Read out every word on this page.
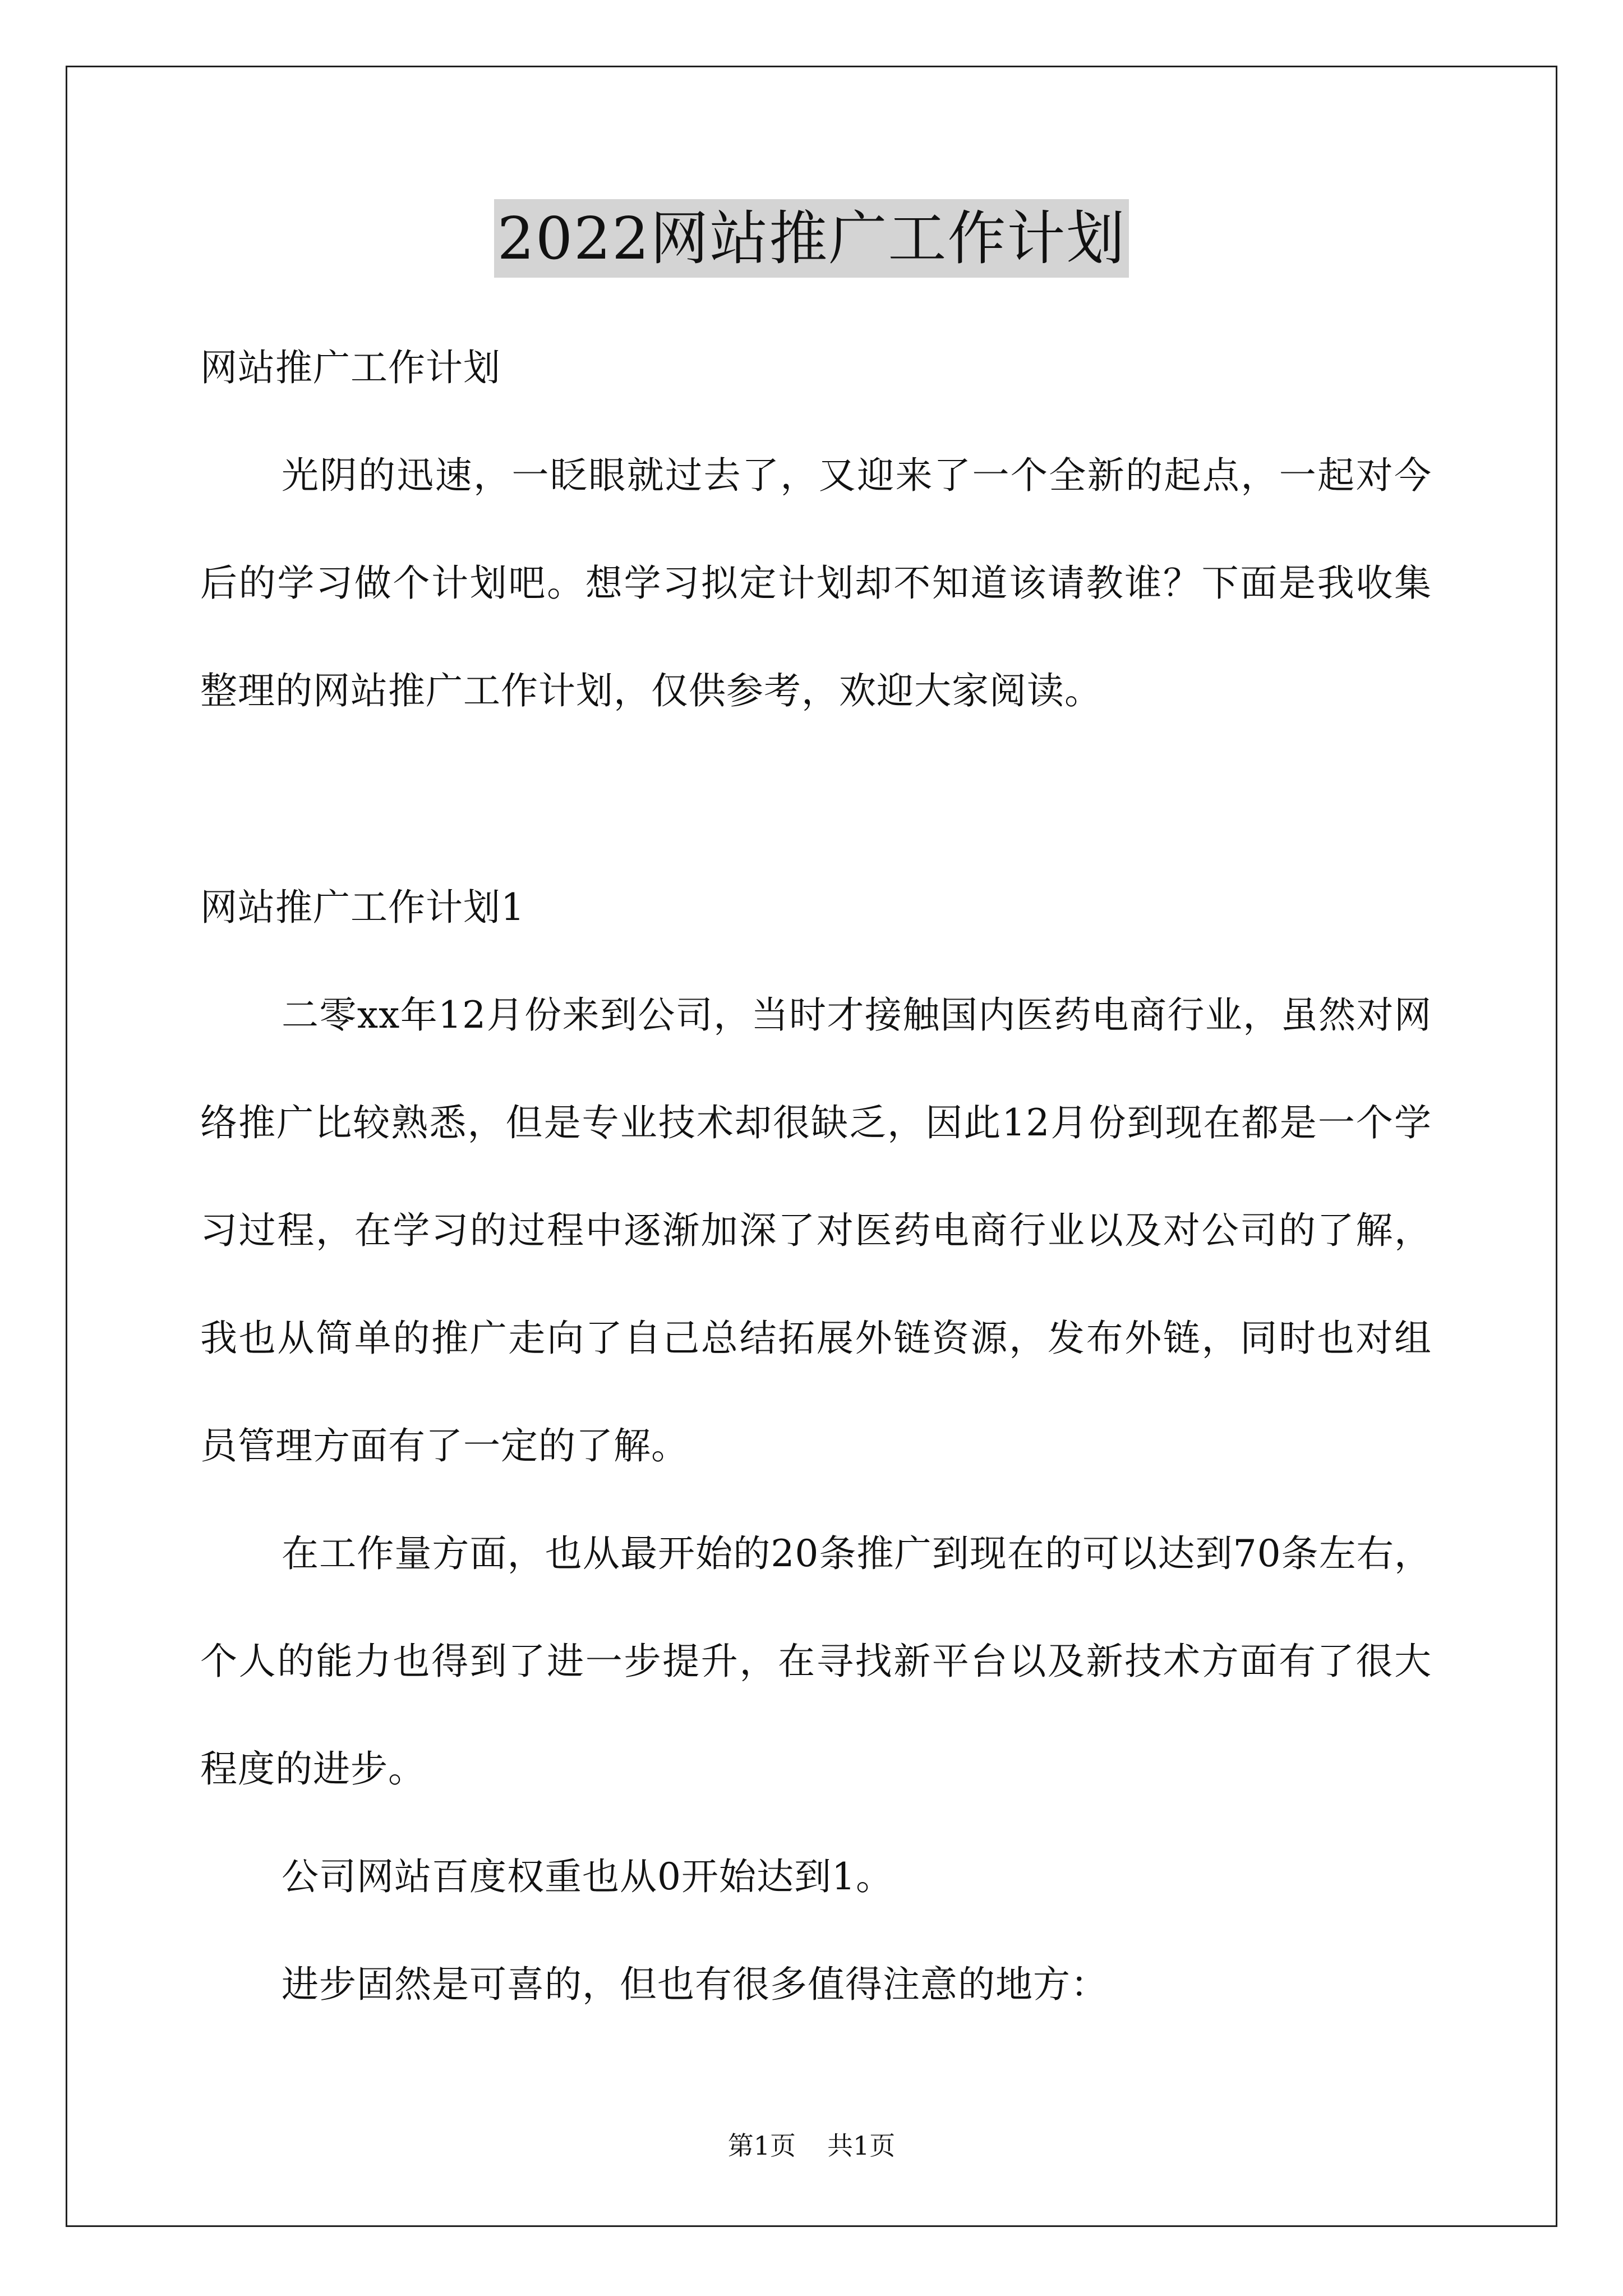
2022网站推广工作计划

网站推广工作计划

光阴的迅速，一眨眼就过去了，又迎来了一个全新的起点，一起对今后的学习做个计划吧。想学习拟定计划却不知道该请教谁？下面是我收集整理的网站推广工作计划，仅供参考，欢迎大家阅读。

网站推广工作计划1

二零xx年12月份来到公司，当时才接触国内医药电商行业，虽然对网络推广比较熟悉，但是专业技术却很缺乏，因此12月份到现在都是一个学习过程，在学习的过程中逐渐加深了对医药电商行业以及对公司的了解，我也从简单的推广走向了自己总结拓展外链资源，发布外链，同时也对组员管理方面有了一定的了解。

在工作量方面，也从最开始的20条推广到现在的可以达到70条左右，个人的能力也得到了进一步提升，在寻找新平台以及新技术方面有了很大程度的进步。

公司网站百度权重也从0开始达到1。

进步固然是可喜的，但也有很多值得注意的地方：

第1页 共1页
